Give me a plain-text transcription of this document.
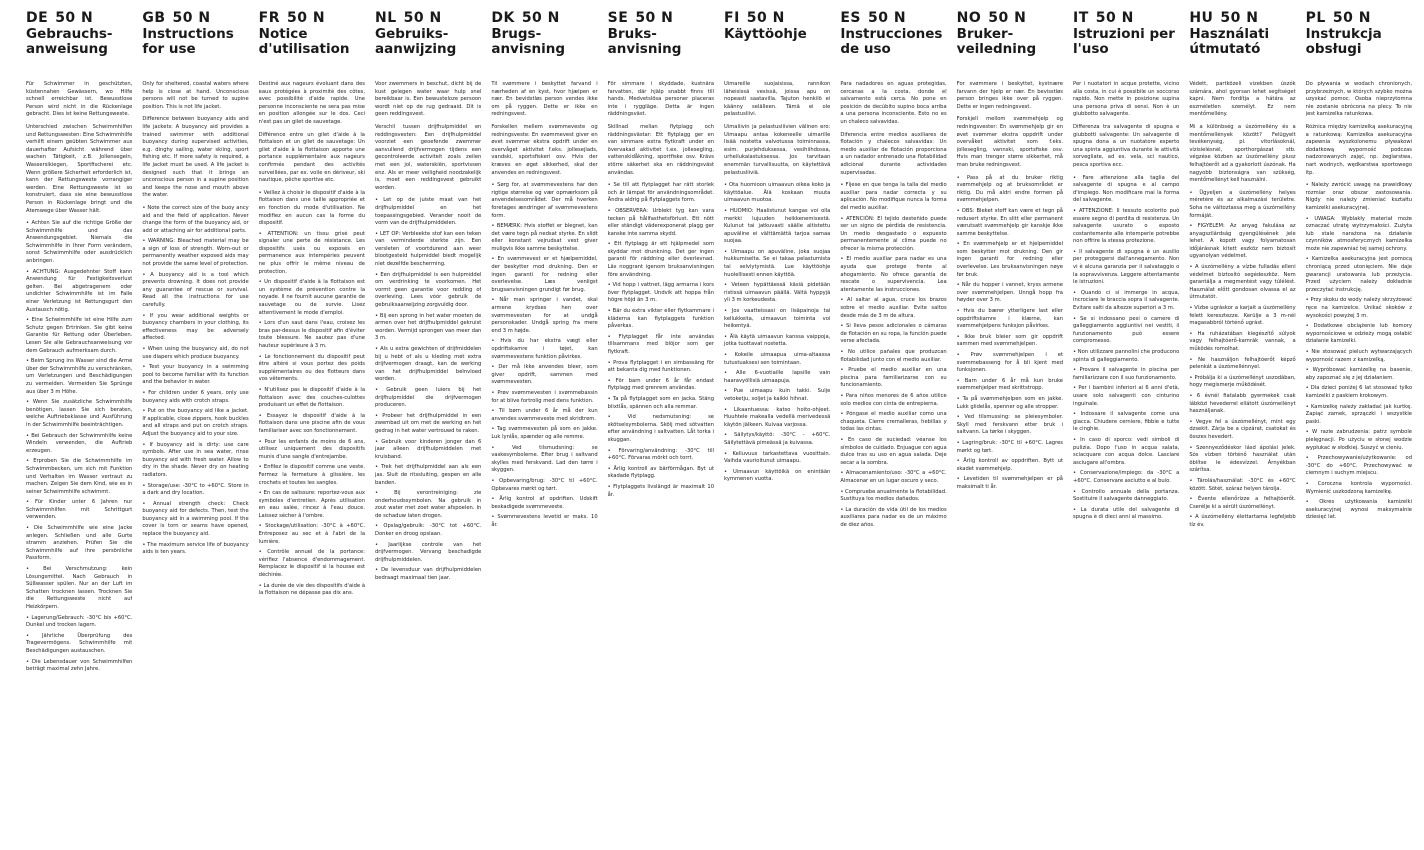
DE 50 N
Gebrauchs-anweisung

Für Schwimmer in geschützten, küstennahen Gewässern, wo Hilfe schnell erreichbar ist. Bewusstlose Person wird nicht in die Rückenlage gebracht. Dies ist keine Rettungsweste.

Unterschied zwischen Schwimmhilfen und Rettungswesten: Eine Schwimmhilfe verhilft einem geübten Schwimmer aus dauerhafter Aufsicht während über wachen Tätigkeit, z.B. Jollensegeln, Wassersikiegen, Sportfischerei etc. Wenn größere Sicherheit erforderlich ist, kann der Rettungsweste vorrangiger werden. Eine Rettungsweste ist so konstruiert, dass sie eine bewusstlose Person in Rückenlage bringt und die Atemwege über Wasser hält.

• Achten Sie auf die richtige Größe der Schwimmhilfe und das Anwendungsgebiet. Niemals die Schwimmhilfe in Ihrer Form verändern, sonst Schwimmhilfe oder ausdrücklich anbringen.

• ACHTUNG: Ausgedehnter Stoff kann Anwendung für Festigkeitsverlust gelten. Bei abgetragenem oder undichter Schwimmhilfe ist im Falle einer Verletzung ist Rettungsgurt den Austausch nötig.

• Eine Schwimmhilfe ist eine Hilfe zum Schutz gegen Ertrinken. Sie gibt keine Garantie für Rettung oder Überleben. Lesen Sie alle Gebrauchsanweisung vor dem Gebrauch aufmerksam durch.

• Beim Sprung ins Wasser sind die Arme über der Schwimmhilfe zu verschränken, um Verletzungen und Beschädigungen zu vermeiden. Vermeiden Sie Sprünge aus über 3 m Höhe.

• Wenn Sie zusätzliche Schwimmhilfe benötigen, lassen Sie sich beraten, welche Auftriebsklasse und Ausführung in der Schwimmhilfe beeinträchtigen.

• Bei Gebrauch der Schwimmhilfe keine Windeln verwenden, die Auftrieb erzeugen.

• Erproben Sie die Schwimmhilfe im Schwimmbecken, um sich mit Funktion und Verhalten im Wasser vertraut zu machen. Zeigen Sie dem Kind, wie es in seiner Schwimmhilfe schwimmt.

• Für Kinder unter 6 Jahren nur Schwimmhilfen mit Schrittgurt verwenden.

• Die Schwimmhilfe wie eine Jacke anlegen. Schließen und alle Gurte stramm anziehen. Prüfen Sie die Schwimmhilfe auf ihre persönliche Passform.

• Bei Verschmutzung: kein Lösungsmittel. Nach Gebrauch in Süßwasser spülen. Nur an der Luft im Schatten trocknen lassen. Trocknen Sie die Rettungsweste nicht auf Heizkörpern.

• Lagerung/Gebrauch: -30°C bis +60°C. Dunkel und trocken lagern.

• Jährliche Überprüfung des Tragevermögens. Schwimmhilfe mit Beschädigungen austauschen.

• Die Lebensdauer von Schwimmhilfen beträgt maximal zehn Jahre.

GB 50 N
Instructions for use

Only for sheltered, coastal waters where help is close at hand. Unconscious persons will not be turned to supine position. This is not life jacket.

Difference between buoyancy aids and life jackets: A buoyancy aid provides a trained swimmer with additional buoyancy during supervised activities, e.g. dinghy sailing, water skiing, sport fishing etc. If more safety is required, a life jacket must be used. A life jacket is designed such that it brings an unconscious person in a supine position and keeps the nose and mouth above the water.

• Note the correct size of the buoy ancy aid and the field of application. Never change the form of the buoyancy aid, or add or attaching air for additional parts.

• WARNING: Bleached material may be a sign of loss of strength. Worn-out or permanently weather exposed aids may not provide the same level of protection.

• A buoyancy aid is a tool which prevents drowning. It does not provide any guarantee of rescue or survival. Read all the instructions for use carefully.

• If you wear additional weights or buoyancy chambers in your clothing, its effectiveness may be adversely affected.

• When using the buoyancy aid, do not use diapers which produce buoyancy.

• Test your buoyancy in a swimming pool to become familiar with its function and the behavior in water.

• For children under 6 years, only use buoyancy aids with crotch straps.

• Put on the buoyancy aid like a jacket. If applicable, close zippers, hook buckles and all straps and put on crotch straps. Adjust the buoyancy aid to your size.

• If buoyancy aid is dirty: use care symbols. After use in sea water, rinse buoyancy aid with fresh water. Allow to dry in the shade. Never dry on heating radiators.

• Storage/use: -30°C to +60°C. Store in a dark and dry location.

• Annual strength check: Check buoyancy aid for defects. Then, test the buoyancy aid in a swimming pool. If the cover is torn or seams have opened, replace the buoyancy aid.

• The maximum service life of buoyancy aids is ten years.

FR 50 N
Notice d'utilisation

Destiné aux nageurs évoluant dans des eaux protégées à proximité des côtes, avec possibilité d'aide rapide. Une personne inconsciente ne sera pas mise en position allongée sur le dos. Ceci n'est pas un gilet de sauvetage.

Différence entre un gilet d'aide à la flottaison et un gilet de sauvetage: Un gilet d'aide à la flottaison apporte une portance supplémentaire aux nageurs confirmés pendant des activités surveillées, par ex. voile en dériveur, ski nautique, pêche sportive etc.

• Veillez à choisir le dispositif d'aide à la flottaison dans une taille appropriée et en fonction du mode d'utilisation. Ne modifiez en aucun cas la forme du dispositif.

• ATTENTION: un tissu grisé peut signaler une perte de résistance. Les dispositifs usés ou exposés en permanence aux intempéries peuvent ne plus offrir le même niveau de protection.

• Un dispositif d'aide à la flottaison est un système de prévention contre la noyade. Il ne fournit aucune garantie de sauvetage ou de survie. Lisez attentivement le mode d'emploi.

• Lors d'un saut dans l'eau, croisez les bras par-dessus le dispositif afin d'éviter toute blessure. Ne sautez pas d'une hauteur supérieure à 3 m.

• Le fonctionnement du dispositif peut être altéré si vous portez des poids supplémentaires ou des flotteurs dans vos vêtements.

• N'utilisez pas le dispositif d'aide à la flottaison avec des couches-culottes produisant un effet de flottaison.

• Essayez le dispositif d'aide à la flottaison dans une piscine afin de vous familiariser avec son fonctionnement.

• Pour les enfants de moins de 6 ans, utilisez uniquement des dispositifs munis d'une sangle d'entrejambe.

• Enfilez le dispositif comme une veste. Fermez la fermeture à glissière, les crochets et toutes les sangles.

• En cas de salissure: reportez-vous aux symboles d'entretien. Après utilisation en eau salée, rincez à l'eau douce. Laissez sécher à l'ombre.

• Stockage/utilisation: -30°C à +60°C. Entreposez au sec et à l'abri de la lumière.

• Contrôle annuel de la portance: vérifiez l'absence d'endommagement. Remplacez le dispositif si la housse est déchirée.

• La durée de vie des dispositifs d'aide à la flottaison ne dépasse pas dix ans.

NL 50 N
Gebruiks-aanwijzing

Voor zwemmers in beschut, dicht bij de kust gelegen water waar hulp snel bereikbaar is. Een bewusteloze persoon wordt niet op de rug gedraaid. Dit is geen reddingsvest.

Verschil tussen drijfhulpmiddel en reddingsvesten: Een drijfhulpmiddel voorziet een geoefende zwemmer aanvullend drijfvermogen tijdens een gecontroleerde activiteit zoals zeilen met een jol, waterskiën, sportvissen enz. Als er meer veiligheid noodzakelijk is, moet een reddingsvest gebruikt worden.

• Let op de juiste maat van het drijfhulpmiddel en het toepassingsgebied. Verander nooit de vorm van de drijfhulpmiddelen.

• LET OP: Verbleekte stof kan een teken van verminderde sterkte zijn. Een versleten of voortdurend aan weer blootgesteld hulpmiddel biedt mogelijk niet dezelfde bescherming.

• Een drijfhulpmiddel is een hulpmiddel om verdrinking te voorkomen. Het vormt geen garantie voor redding of overleving. Lees vóór gebruik de gebruiksaanwijzing zorgvuldig door.

• Bij een sprong in het water moeten de armen over het drijfhulpmiddel gekruist worden. Vermijd sprongen van meer dan 3 m.

• Als u extra gewichten of drijfmiddelen bij u hebt of als u kleding met extra drijfvermogen draagt, kan de werking van het drijfhulpmiddel beïnvloed worden.

• Gebruik geen luiers bij het drijfhulpmiddel die drijfvermogen produceren.

• Probeer het drijfhulpmiddel in een zwembad uit om met de werking en het gedrag in het water vertrouwd te raken.

• Gebruik voor kinderen jonger dan 6 jaar alleen drijfhulpmiddelen met kruisband.

• Trek het drijfhulpmiddel aan als een jas. Sluit de ritssluiting, gespen en alle banden.

• Bij verontreiniging: zie onderhoudssymbolen. Na gebruik in zout water met zoet water afspoelen. In de schaduw laten drogen.

• Opslag/gebruik: -30°C tot +60°C. Donker en droog opslaan.

• Jaarlijkse controle van het drijfvermogen. Vervang beschadigde drijfhulpmiddelen.

• De levensduur van drijfhulpmiddelen bedraagt maximaal tien jaar.

DK 50 N
Brugs-anvisning

Til svømmere i beskyttet farvand i nærheden af en kyst, hvor hjælpen er nær. En bevidstløs person vendes ikke om på ryggen. Dette er ikke en redningsvest.

Forskellen mellem svømmeveste og redningsveste: En svømmevest giver en øvet svømmer ekstra opdrift under en overvåget aktivitet f.eks. jollesejlads, vandski, sportsfiskeri osv. Hvis der kræves en øget sikkerhed, skal der anvendes en redningsvest.

• Sørg for, at svømmevestens har den rigtige størrelse og vær opmærksom på anvendelsesområdet. Der må hverken foretages ændringer af svømmevestens form.

• BEMÆRK: Hvis stoffet er blegnet, kan det være tegn på nedsat styrke. En slidt eller konstant vejrudsat vest giver muligvis ikke samme beskyttelse.

• En svømmevest er et hjælpemiddel, der beskytter mod drukning. Den er ingen garanti for redning eller overlevelse. Læs venligst brugsanvisningen grundigt før brug.

• Når man springer i vandet, skal armene krydses hen over svømmevesten for at undgå personskader. Undgå spring fra mere end 3 m højde.

• Hvis du har ekstra vægt eller opdriftskamre i tøjet, kan svømmevestens funktion påvirkes.

• Der må ikke anvendes bleer, som giver opdrift, sammen med svømmevesten.

• Prøv svømmevesten i svømmebassin for at blive fortrolig med dens funktion.

• Til børn under 6 år må der kun anvendes svømmeveste med skridtrem.

• Tag svømmevesten på som en jakke. Luk lynlås, spænder og alle remme.

• Ved tilsmudsning: se vaskesymbolerne. Efter brug i saltvand skylles med ferskvand. Lad den tørre i skyggen.

• Opbevaring/brug: -30°C til +60°C. Opbevares mørkt og tørt.

• Årlig kontrol af opdriften. Udskift beskadigede svømmeveste.

• Svømmevestens levetid er maks. 10 år.

SE 50 N
Bruks-anvisning

För simmare i skyddade, kustnära farvatten, där hjälp snabbt finns till hands. Medvetslösa personer placeras inte i ryggläge. Detta är ingen räddningsväst.

Skillnad mellan flytplagg och räddningsvästar: Ett flytplagg ger en van simmare extra flytkraft under en övervakad aktivitet t.ex. jollesegling, vattenskidåkning, sportfiske osv. Krävs större säkerhet ska en räddningsväst användas.

• Se till att flytplagget har rätt storlek och är lämpat för användningsområdet. Ändra aldrig på flytplaggets form.

• OBSERVERA: Urblekt tyg kan vara tecken på hållfasthetsförlust. Ett nött eller ständigt väderexponerat plagg ger kanske inte samma skydd.

• Ett flytplagg är ett hjälpmedel som skyddar mot drunkning. Det ger ingen garanti för räddning eller överlevnad. Läs noggrant igenom bruksanvisningen före användning.

• Vid hopp i vattnet, lägg armarna i kors över flytplagget. Undvik att hoppa från högre höjd än 3 m.

• Bär du extra vikter eller flytkammare i kläderna kan flytplaggets funktion påverkas.

• Flytplagget får inte användas tillsammans med blöjor som ger flytkraft.

• Prova flytplagget i en simbassäng för att bekanta dig med funktionen.

• För barn under 6 år får endast flytplagg med grenrem användas.

• Ta på flytplagget som en jacka. Stäng blixtlås, spännen och alla remmar.

• Vid nedsmutsning: se skötselsymbolerna. Skölj med sötvatten efter användning i saltvatten. Låt torka i skuggan.

• Förvaring/användning: -30°C till +60°C. Förvaras mörkt och torrt.

• Årlig kontroll av bärförmågan. Byt ut skadade flytplagg.

• Flytplaggets livslängd är maximalt 10 år.

FI 50 N
Käyttöohje

Uimareille suojaisissa, rannikon läheisissä vesissä, joissa apu on nopeasti saatavilla. Tajuton henkilö ei käänny selälleen. Tämä ei ole pelastusliivi.

Uimaliivin ja pelastusliivien välinen ero: Uimaapu antaa kokeneelle uimarille lisää nostetta valvotussa toiminnassa, esim. purjehduksessa, vesihiihdossa, urheilukalastuksessa. Jos tarvitaan enemmän turvallisuutta, on käytettävä pelastusliiviä.

• Ota huomioon uimaavun oikea koko ja käyttöalue. Älä koskaan muuta uimaavun muotoa.

• HUOMIO: Haalistunut kangas voi olla merkki lujuuden heikkenemisestä. Kulunut tai jatkuvasti säälle altistettu apuväline ei välttämättä tarjoa samaa suojaa.

• Uimaapu on apuväline, joka suojaa hukkumiselta. Se ei takaa pelastumista tai selviytymistä. Lue käyttöohje huolellisesti ennen käyttöä.

• Veteen hypättäessä käsiä pidetään ristissä uimaavun päällä. Vältä hyppyjä yli 3 m korkeudesta.

• Jos vaatteissasi on lisäpainoja tai kellukkeita, uimaavun toiminta voi heikentyä.

• Älä käytä uimaavun kanssa vaippoja, jotka tuottavat nostetta.

• Kokeile uimaapua uima-altaassa tutustuaksesi sen toimintaan.

• Alle 6-vuotiaille lapsille vain haaravyöllisiä uimaapuja.

• Pue uimaapu kuin takki. Sulje vetoketju, soljet ja kaikki hihnat.

• Likaantuessa: katso hoito-ohjeet. Huuhtele makealla vedellä merivedessä käytön jälkeen. Kuivaa varjossa.

• Säilytys/käyttö: -30°C - +60°C. Säilytettävä pimeässä ja kuivassa.

• Kelluvuus tarkastettava vuosittain. Vaihda vaurioitunut uimaapu.

• Uimaavun käyttöikä on enintään kymmenen vuotta.

ES 50 N
Instrucciones de uso

Para nadadores en aguas protegidas, cercanas a la costa, donde el salvamento está cerca. No pone en posición de decúbito supino boca arriba a una persona inconsciente. Esto no es un chaleco salvavidas.

Diferencia entre medios auxiliares de flotación y chalecos salvavidas: Un medio auxiliar de flotación proporciona a un nadador entrenado una flotabilidad adicional durante actividades supervisadas.

• Fíjese en que tenga la talla del medio auxiliar para nadar correcta y su aplicación. No modifique nunca la forma del medio auxiliar.

• ATENCIÓN: El tejido desteñido puede ser un signo de pérdida de resistencia. Un medio desgastado o expuesto permanentemente al clima puede no ofrecer la misma protección.

• El medio auxiliar para nadar es una ayuda que protege frente al ahogamiento. No ofrece garantía de rescate o supervivencia. Lea atentamente las instrucciones.

• Al saltar al agua, cruce los brazos sobre el medio auxiliar. Evite saltos desde más de 3 m de altura.

• Si lleva pesos adicionales o cámaras de flotación en su ropa, la función puede verse afectada.

• No utilice pañales que produzcan flotabilidad junto con el medio auxiliar.

• Pruebe el medio auxiliar en una piscina para familiarizarse con su funcionamiento.

• Para niños menores de 6 años utilice solo medios con cinta de entrepierna.

• Póngase el medio auxiliar como una chaqueta. Cierre cremalleras, hebillas y todas las cintas.

• En caso de suciedad: véanse los símbolos de cuidado. Enjuague con agua dulce tras su uso en agua salada. Deje secar a la sombra.

• Almacenamiento/uso: -30°C a +60°C. Almacenar en un lugar oscuro y seco.

• Compruebe anualmente la flotabilidad. Sustituya los medios dañados.

• La duración de vida útil de los medios auxiliares para nadar es de un máximo de diez años.

NO 50 N
Bruker-veiledning

For svømmere i beskyttet, kystnære farvann der hjelp er nær. En bevisstløs person bringes ikke over på ryggen. Dette er ingen redningsvest.

Forskjell mellom svømmehjelp og redningsvester: En svømmehjelp gir en øvet svømmer ekstra oppdrift under overvåket aktivitet som f.eks. jollesegling, vannski, sportsfiske osv. Hvis man trenger større sikkerhet, må man bruke redningsvest.

• Pass på at du bruker riktig svømmehjelp og at bruksområdet er riktig. Du må aldri endre formen på svømmehjelpen.

• OBS: Bleket stoff kan være et tegn på redusert styrke. En slitt eller permanent værutsatt svømmehjelp gir kanskje ikke samme beskyttelse.

• En svømmehjelp er et hjelpemiddel som beskytter mot drukning. Den gir ingen garanti for redning eller overlevelse. Les bruksanvisningen nøye før bruk.

• Når du hopper i vannet, kryss armene over svømmehjelpen. Unngå hopp fra høyder over 3 m.

• Hvis du bærer ytterligere last eller oppdriftskamre i klærne, kan svømmehjelpens funksjon påvirkes.

• Ikke bruk bleier som gir oppdrift sammen med svømmehjelpen.

• Prøv svømmehjelpen i et svømmebasseng for å bli kjent med funksjonen.

• Barn under 6 år må kun bruke svømmehjelper med skrittstropp.

• Ta på svømmehjelpen som en jakke. Lukk glidelås, spenner og alle stropper.

• Ved tilsmussing: se pleiesymboler. Skyll med ferskvann etter bruk i saltvann. La tørke i skyggen.

• Lagring/bruk: -30°C til +60°C. Lagres mørkt og tørt.

• Årlig kontroll av oppdriften. Bytt ut skadet svømmehjelp.

• Levetiden til svømmehjelpen er på maksimalt ti år.

IT 50 N
Istruzioni per l'uso

Per i nuotatori in acque protette, vicino alla costa, in cui è possibile un soccorso rapido. Non mette in posizione supina una persona priva di sensi. Non è un giubbotto salvagente.

Differenza tra salvagente di spugna e giubbotti salvagente: Un salvagente di spugna dona a un nuotatore esperto una spinta aggiuntiva durante le attività sorvegliate, ad es. vela, sci nautico, pesca sportiva ecc.

• Fare attenzione alla taglia del salvagente di spugna e al campo d'impiego. Non modificare mai la forma del salvagente.

• ATTENZIONE: Il tessuto scolorito può essere segno di perdita di resistenza. Un salvagente usurato o esposto costantemente alle intemperie potrebbe non offrire la stessa protezione.

• Il salvagente di spugna è un ausilio per proteggersi dall'annegamento. Non vi è alcuna garanzia per il salvataggio o la sopravvivenza. Leggere attentamente le istruzioni.

• Quando ci si immerge in acqua, incrociare le braccia sopra il salvagente. Evitare salti da altezze superiori a 3 m.

• Se si indossano pesi o camere di galleggiamento aggiuntivi nei vestiti, il funzionamento può essere compromesso.

• Non utilizzare pannolini che producono spinta di galleggiamento.

• Provare il salvagente in piscina per familiarizzare con il suo funzionamento.

• Per i bambini inferiori ai 6 anni d'età, usare solo salvagenti con cinturino inguinale.

• Indossare il salvagente come una giacca. Chiudere cerniere, fibbie e tutte le cinghie.

• In caso di sporco: vedi simboli di pulizia. Dopo l'uso in acqua salata, sciacquare con acqua dolce. Lasciare asciugare all'ombra.

• Conservazione/impiego: da -30°C a +60°C. Conservare asciutto e al buio.

• Controllo annuale della portanza. Sostituire il salvagente danneggiato.

• La durata utile del salvagente di spugna è di dieci anni al massimo.

HU 50 N
Használati útmutató

Védett, partközeli vizekben úszók számára, ahol gyorsan lehet segítséget kapni. Nem fordítja a hátára az eszméletlen személyt. Ez nem mentőmellény.

Mi a különbség a úszómellény és a mentőmellények között? Felügyelt tevékenység, pl. vitorlásoknál, vízisíelésnél, sporthorgászat stb. végzése közben az úszómellény plusz felhajtóerőt ad a gyakorlott úszónak. Ha nagyobb biztonságra van szükség, mentőmellényt kell használni.

• Ügyeljen a úszómellény helyes méretére és az alkalmazási területre. Soha ne változtassa meg a úszómellény formáját.

• FIGYELEM: Az anyag fakulása az anyagszilárdság gyengülésének jele lehet. A kopott vagy folyamatosan időjárásnak kitett eszköz nem biztosít ugyanolyan védelmet.

• A úszómellény a vízbe fulladás elleni védelmet biztosító segédeszköz. Nem garantálja a megmentést vagy túlélést. Használat előtt gondosan olvassa el az útmutatót.

• Vízbe ugráskor a karjait a úszómellény felett keresztezze. Kerülje a 3 m-nél magasabbról történő ugrást.

• Ha ruházatában kiegészítő súlyok vagy felhajtóerő-kamrák vannak, a működés romolhat.

• Ne használjon felhajtóerőt képző pelenkát a úszómellénnyel.

• Próbálja ki a úszómellényt uszodában, hogy megismerje működését.

• 6 évnél fiatalabb gyermekek csak lábközi hevederrel ellátott úszómellényt használjanak.

• Vegye fel a úszómellényt, mint egy dzsekit. Zárja be a cipzárat, csatokat és összes hevedert.

• Szennyeződéskor lásd ápolási jelek. Sós vízben történő használat után öblítse le édesvízzel. Árnyékban szárítsa.

• Tárolás/használat: -30°C és +60°C között. Sötét, száraz helyen tárolja.

• Évente ellenőrizze a felhajtóerőt. Cserélje ki a sérült úszómellényt.

• A úszómellény élettartama legfeljebb tíz év.

PL 50 N
Instrukcja obsługi

Do pływania w wodach chronionych, przybrzeżnych, w których szybko można uzyskać pomoc. Osoba nieprzytomna nie zostanie obrócona na plecy. To nie jest kamizelka ratunkowa.

Różnica między kamizelką asekuracyjną a ratunkową: Kamizelka asekuracyjna zapewnia wyszkolonemu pływakowi dodatkową wyporność podczas nadzorowanych zajęć, np. żeglarstwa, nart wodnych, wędkarstwa sportowego itp.

• Należy zwrócić uwagę na prawidłowy rozmiar oraz obszar zastosowania. Nigdy nie należy zmieniać kształtu kamizelki asekuracyjnej.

• UWAGA: Wyblakły materiał może oznaczać utratę wytrzymałości. Zużyta lub stale narażona na działanie czynników atmosferycznych kamizelka może nie zapewniać tej samej ochrony.

• Kamizelka asekuracyjna jest pomocą chroniącą przed utonięciem. Nie daje gwarancji uratowania lub przeżycia. Przed użyciem należy dokładnie przeczytać instrukcję.

• Przy skoku do wody należy skrzyżować ręce na kamizelce. Unikać skoków z wysokości powyżej 3 m.

• Dodatkowe obciążenie lub komory wypornościowe w odzieży mogą osłabić działanie kamizelki.

• Nie stosować pieluch wytwarzających wyporność razem z kamizelką.

• Wypróbować kamizelkę na basenie, aby zapoznać się z jej działaniem.

• Dla dzieci poniżej 6 lat stosować tylko kamizelki z paskiem krokowym.

• Kamizelkę należy zakładać jak kurtkę. Zapiąć zamek, sprzączki i wszystkie paski.

• W razie zabrudzenia: patrz symbole pielęgnacji. Po użyciu w słonej wodzie wypłukać w słodkiej. Suszyć w cieniu.

• Przechowywanie/użytkowanie: od -30°C do +60°C. Przechowywać w ciemnym i suchym miejscu.

• Coroczna kontrola wyporności. Wymienić uszkodzoną kamizelkę.

• Okres użytkowania kamizelki asekuracyjnej wynosi maksymalnie dziesięć lat.
